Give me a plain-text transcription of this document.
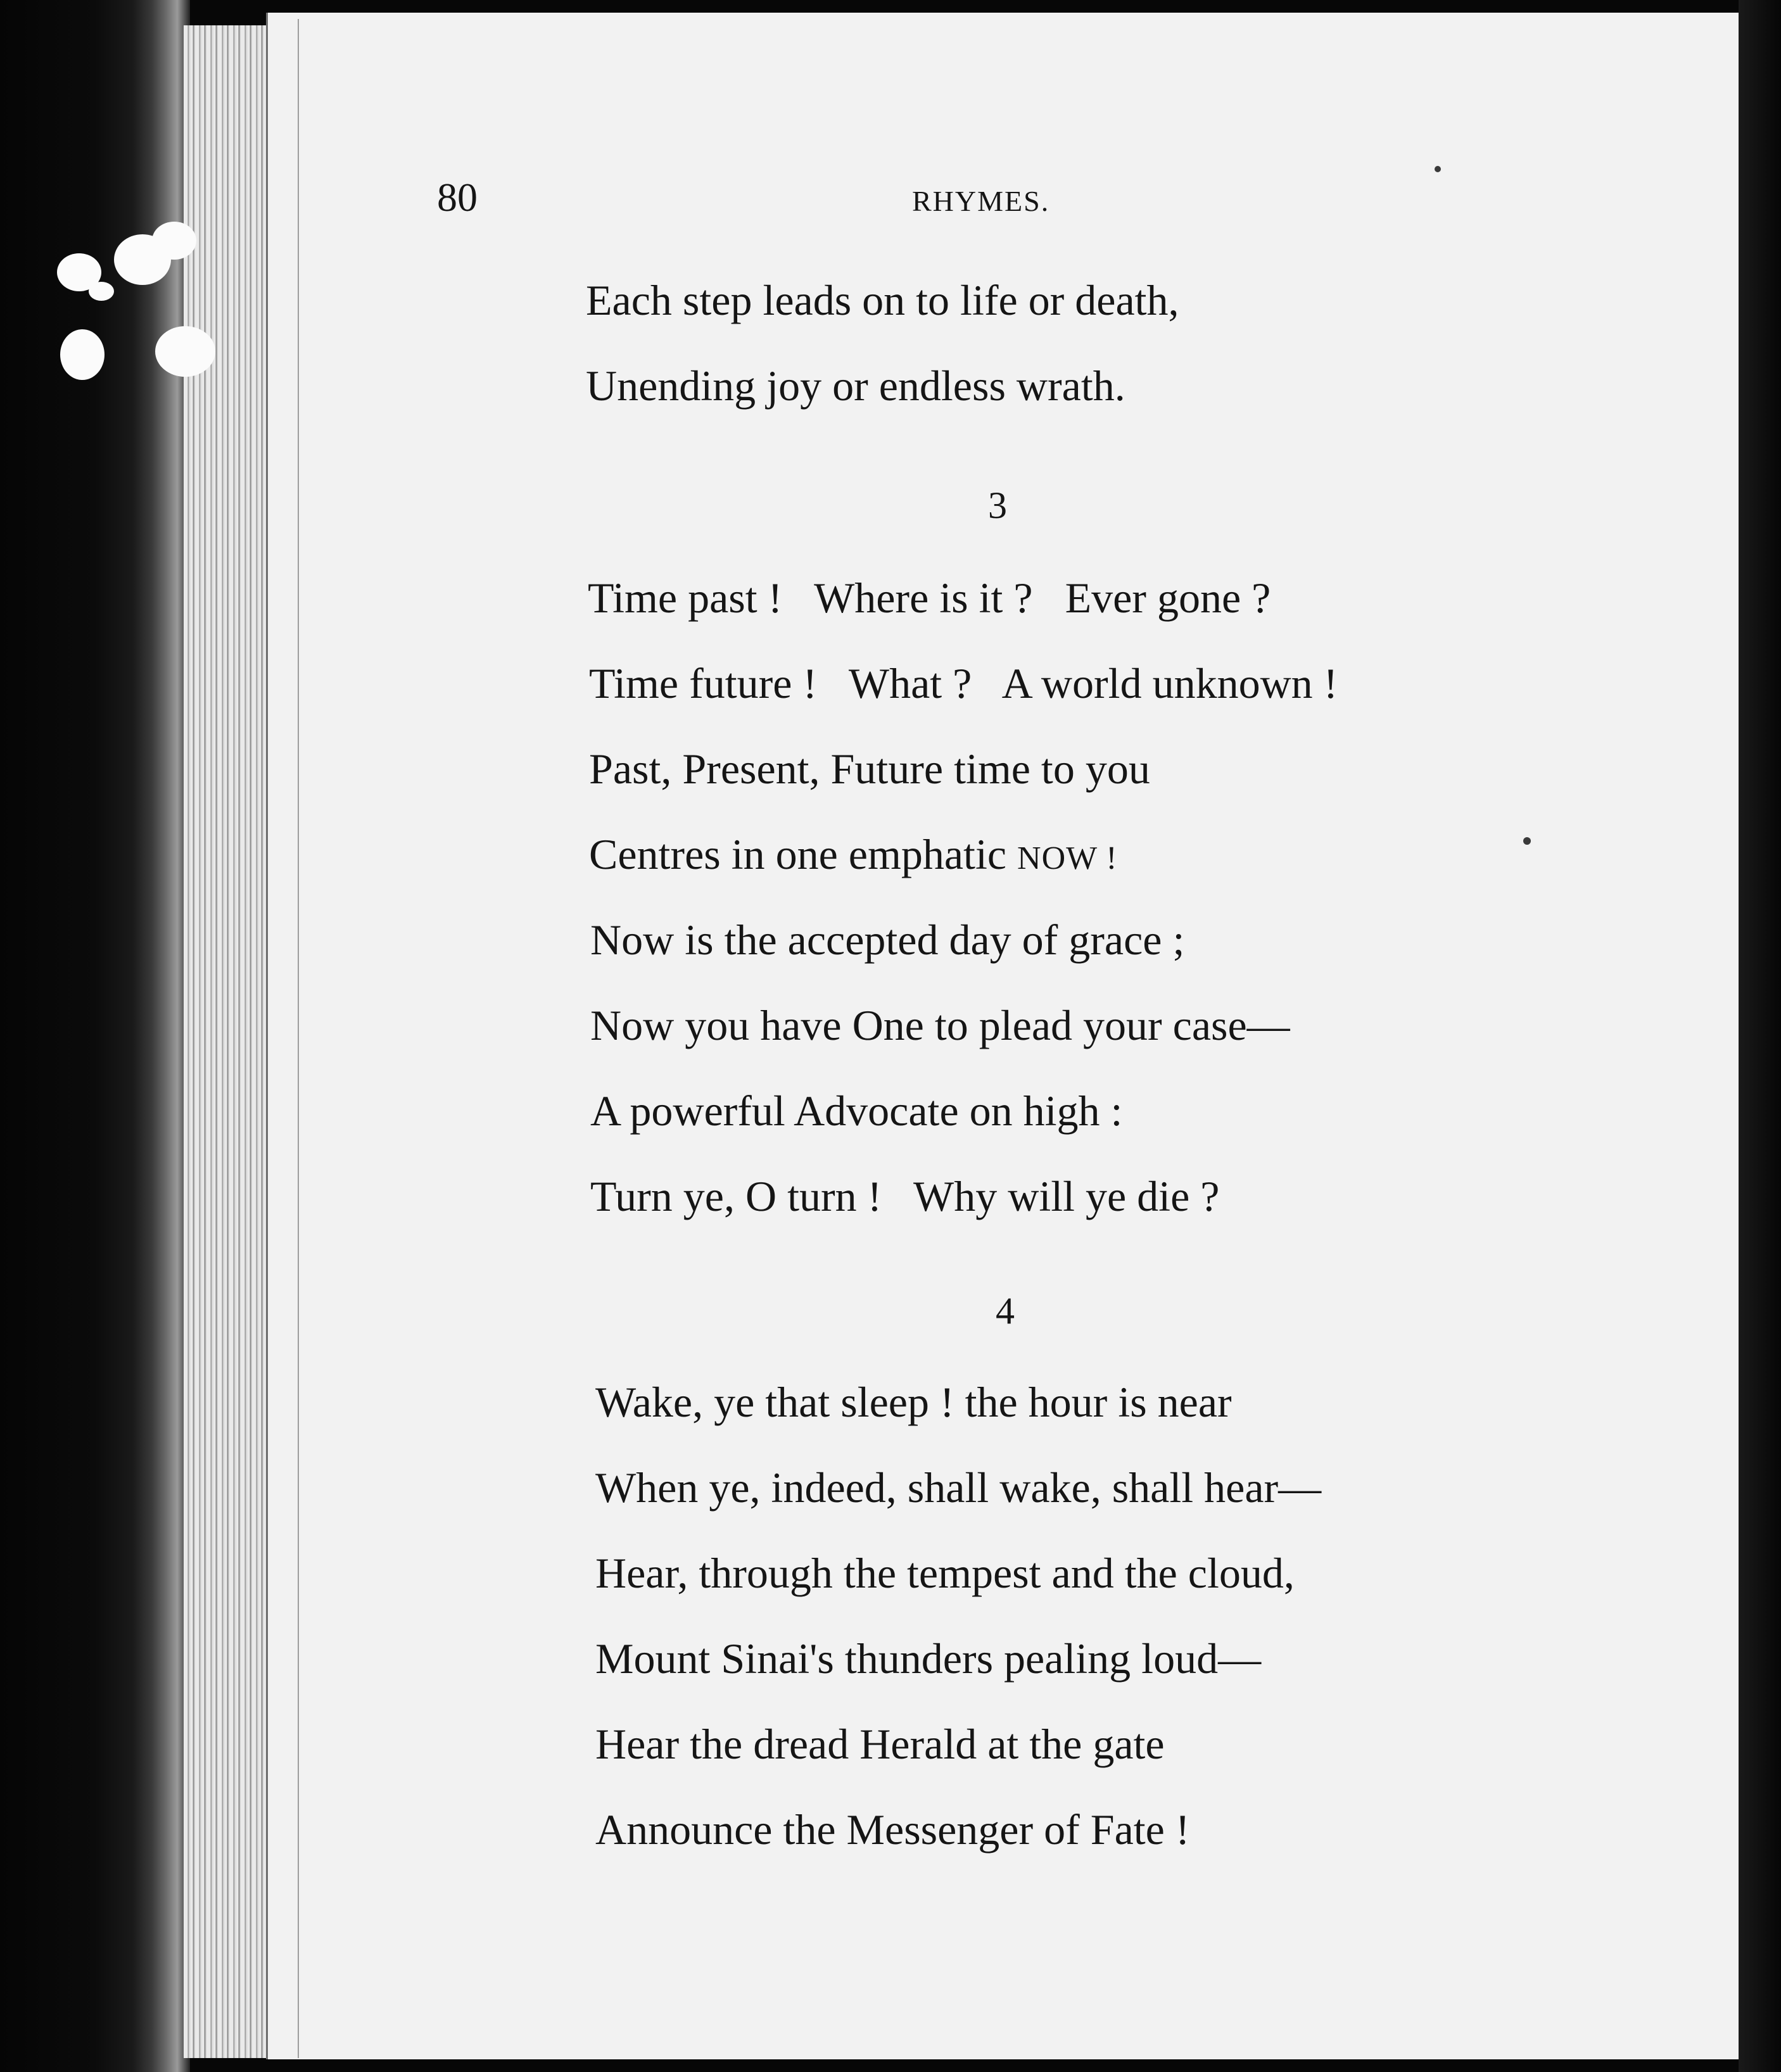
80	RHYMES.
Each step leads on to life or death,
Unending joy or endless wrath.
3
Time past !   Where is it ?   Ever gone ?
Time future !   What ?   A world unknown !
Past, Present, Future time to you
Centres in one emphatic NOW !
Now is the accepted day of grace ;
Now you have One to plead your case—
A powerful Advocate on high :
Turn ye, O turn !   Why will ye die ?
4
Wake, ye that sleep ! the hour is near
When ye, indeed, shall wake, shall hear—
Hear, through the tempest and the cloud,
Mount Sinai's thunders pealing loud—
Hear the dread Herald at the gate
Announce the Messenger of Fate !
